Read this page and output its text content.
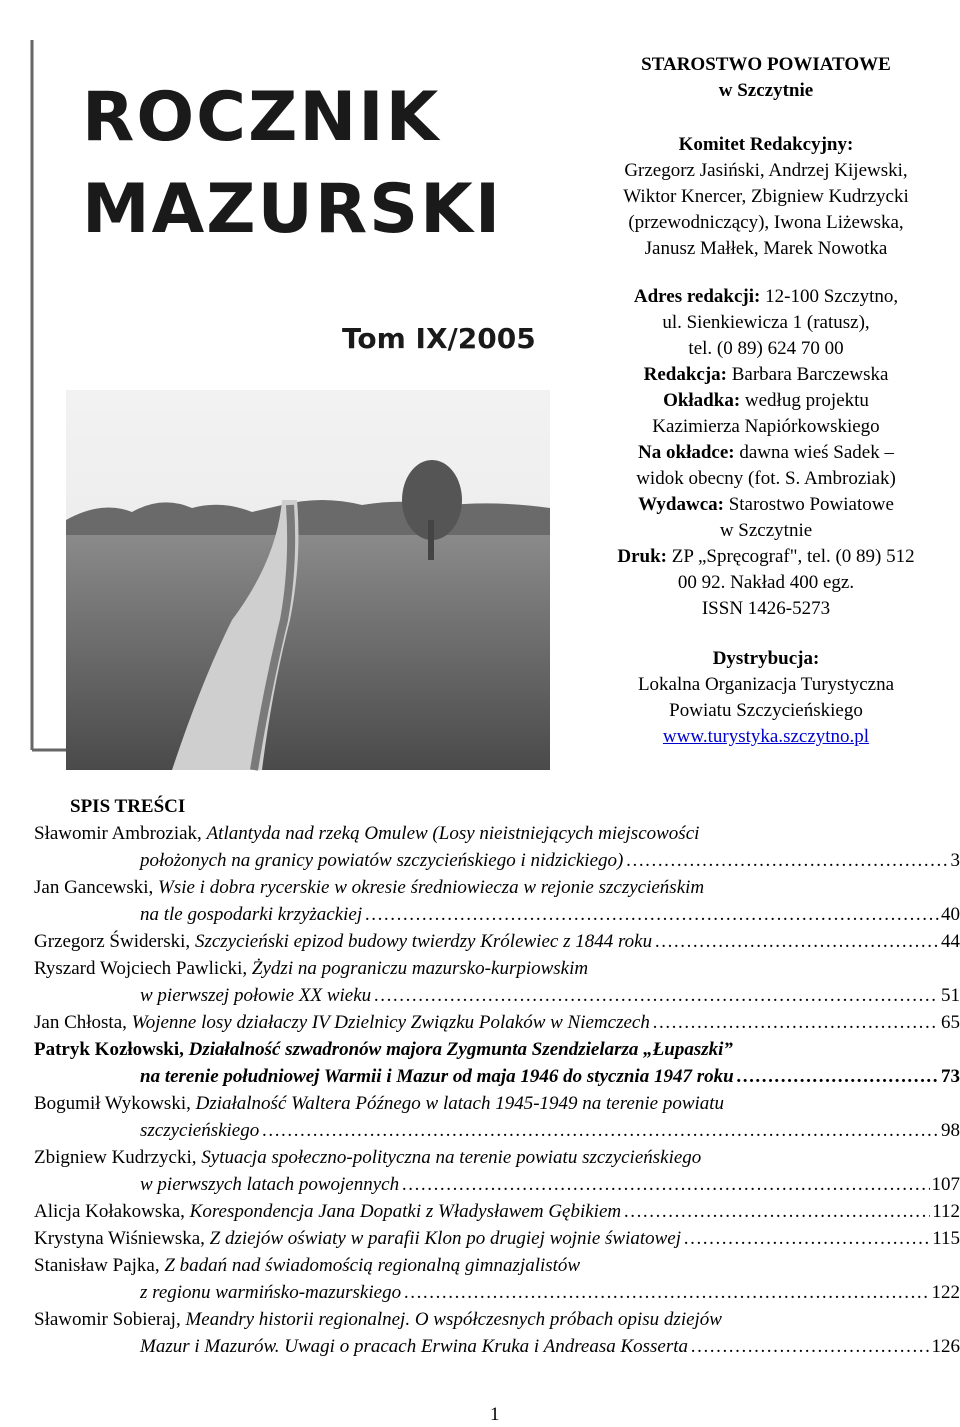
ROCZNIK
MAZURSKI
Tom IX/2005

STAROSTWO POWIATOWE

w Szczytnie

Komitet Redakcyjny:

Grzegorz Jasiński, Andrzej Kijewski,

Wiktor Knercer, Zbigniew Kudrzycki

(przewodniczący), Iwona Liżewska,

Janusz Małłek, Marek Nowotka

Adres redakcji: 12-100 Szczytno,

ul. Sienkiewicza 1 (ratusz),

tel. (0 89) 624 70 00

Redakcja: Barbara Barczewska

Okładka: według projektu

Kazimierza Napiórkowskiego

Na okładce: dawna wieś Sadek –

widok obecny (fot. S. Ambroziak)

Wydawca: Starostwo Powiatowe

w Szczytnie

Druk: ZP „Spręcograf", tel. (0 89) 512

00 92. Nakład 400 egz.

ISSN 1426-5273

Dystrybucja:

Lokalna Organizacja Turystyczna

Powiatu Szczycieńskiego

www.turystyka.szczytno.pl

SPIS TREŚCI
Sławomir Ambroziak, Atlantyda nad rzeką Omulew (Losy nieistniejących miejscowości
położonych na granicy powiatów szczycieńskiego i nidzickiego) …………………………………………………………………………………………………………………………………………	3
Jan Gancewski, Wsie i dobra rycerskie w okresie średniowiecza w rejonie szczycieńskim
na tle gospodarki krzyżackiej …………………………………………………………………………………………………………………………………………	40
Grzegorz Świderski, Szczycieński epizod budowy twierdzy Królewiec z 1844 roku …………………………………………………………………………………………………………………………………………	44
Ryszard Wojciech Pawlicki, Żydzi na pograniczu mazursko-kurpiowskim
w pierwszej połowie XX wieku …………………………………………………………………………………………………………………………………………	51
Jan Chłosta, Wojenne losy działaczy IV Dzielnicy Związku Polaków w Niemczech …………………………………………………………………………………………………………………………………………	65
Patryk Kozłowski, Działalność szwadronów majora Zygmunta Szendzielarza „Łupaszki”
na terenie południowej Warmii i Mazur od maja 1946 do stycznia 1947 roku …………………………………………………………………………………………………………………………………………	73
Bogumił Wykowski, Działalność Waltera Późnego w latach 1945-1949 na terenie powiatu
szczycieńskiego …………………………………………………………………………………………………………………………………………	98
Zbigniew Kudrzycki, Sytuacja społeczno-polityczna na terenie powiatu szczycieńskiego
w pierwszych latach powojennych …………………………………………………………………………………………………………………………………………	107
Alicja Kołakowska, Korespondencja Jana Dopatki z Władysławem Gębikiem …………………………………………………………………………………………………………………………………………	112
Krystyna Wiśniewska, Z dziejów oświaty w parafii Klon po drugiej wojnie światowej …………………………………………………………………………………………………………………………………………	115
Stanisław Pajka, Z badań nad świadomością regionalną gimnazjalistów
z regionu warmińsko-mazurskiego …………………………………………………………………………………………………………………………………………	122
Sławomir Sobieraj, Meandry historii regionalnej. O współczesnych próbach opisu dziejów
Mazur i Mazurów. Uwagi o pracach Erwina Kruka i Andreasa Kosserta …………………………………………………………………………………………………………………………………………	126
1
